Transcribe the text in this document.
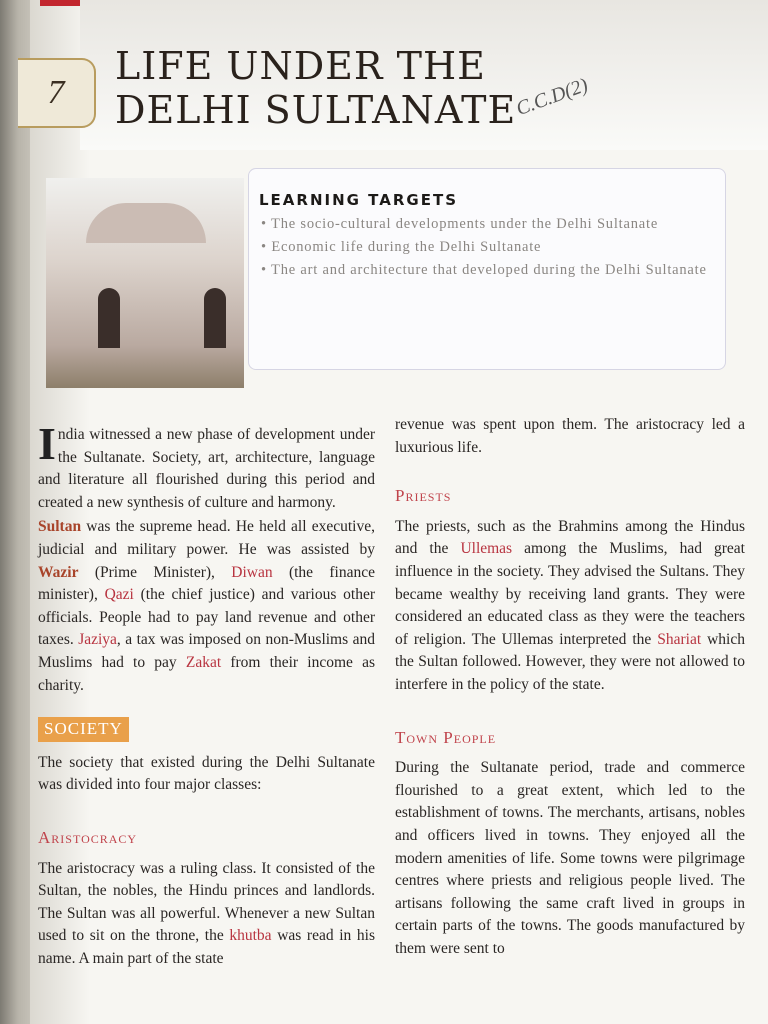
7
LIFE UNDER THE
DELHI SULTANATE
C.C.D(2)
LEARNING TARGETS
• The socio-cultural developments under the Delhi Sultanate
• Economic life during the Delhi Sultanate
• The art and architecture that developed during the Delhi Sultanate

India witnessed a new phase of development under the Sultanate. Society, art, architecture, language and literature all flourished during this period and created a new synthesis of culture and harmony.

Sultan was the supreme head. He held all executive, judicial and military power. He was assisted by Wazir (Prime Minister), Diwan (the finance minister), Qazi (the chief justice) and various other officials. People had to pay land revenue and other taxes. Jaziya, a tax was imposed on non-Muslims and Muslims had to pay Zakat from their income as charity.

SOCIETY

The society that existed during the Delhi Sultanate was divided into four major classes:

Aristocracy

The aristocracy was a ruling class. It consisted of the Sultan, the nobles, the Hindu princes and landlords. The Sultan was all powerful. Whenever a new Sultan used to sit on the throne, the khutba was read in his name. A main part of the state

revenue was spent upon them. The aristocracy led a luxurious life.

Priests

The priests, such as the Brahmins among the Hindus and the Ullemas among the Muslims, had great influence in the society. They advised the Sultans. They became wealthy by receiving land grants. They were considered an educated class as they were the teachers of religion. The Ullemas interpreted the Shariat which the Sultan followed. However, they were not allowed to interfere in the policy of the state.

Town People

During the Sultanate period, trade and commerce flourished to a great extent, which led to the establishment of towns. The merchants, artisans, nobles and officers lived in towns. They enjoyed all the modern amenities of life. Some towns were pilgrimage centres where priests and religious people lived. The artisans following the same craft lived in groups in certain parts of the towns. The goods manufactured by them were sent to
